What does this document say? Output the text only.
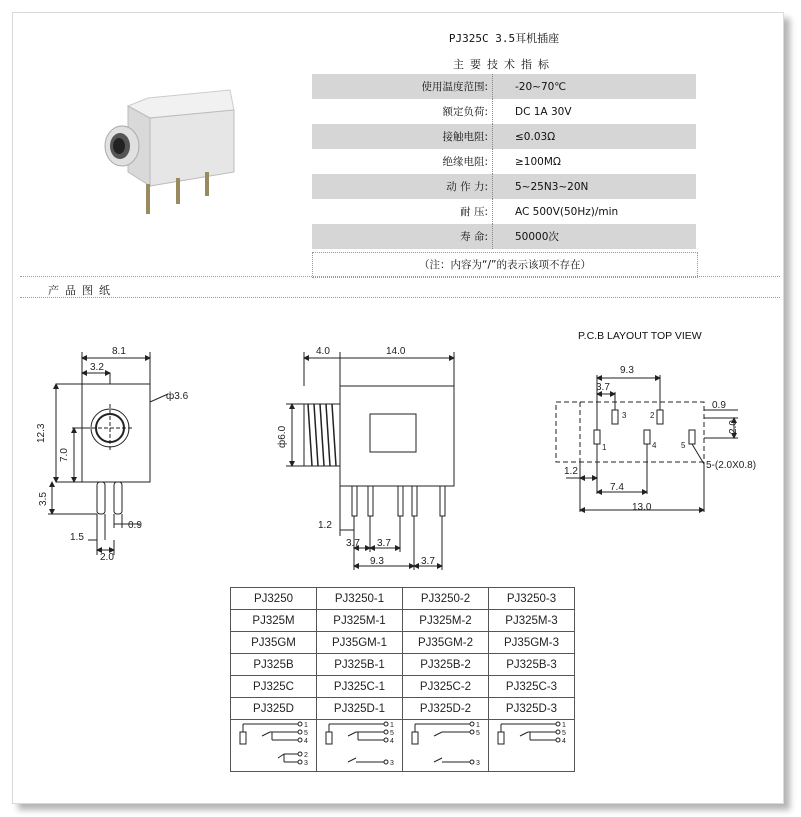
PJ325C 3.5耳机插座
主要技术指标
使用温度范围:	-20~70℃
额定负荷:	DC 1A 30V
接触电阻:	≤0.03Ω
绝缘电阻:	≥100MΩ
动 作 力:	5~25N3~20N
耐 压:	AC 500V(50Hz)/min
寿 命:	50000次
（注：内容为“/”的表示该项不存在）
产品图纸
P.C.B LAYOUT TOP VIEW
8.1
3.2
ф3.6
12.3
7.0
3.5
0.9
1.5
2.0
4.0	14.0
ф6.0
1.2
3.7 3.7
9.3	3.7
9.3
3.7
0.9
2.0
1.2
7.4
13.0
5-(2.0X0.8)
3	2
1	4	5
PJ3250	PJ3250-1	PJ3250-2	PJ3250-3
PJ325M	PJ325M-1	PJ325M-2	PJ325M-3
PJ35GM	PJ35GM-1	PJ35GM-2	PJ35GM-3
PJ325B	PJ325B-1	PJ325B-2	PJ325B-3
PJ325C	PJ325C-1	PJ325C-2	PJ325C-3
PJ325D	PJ325D-1	PJ325D-2	PJ325D-3

1
5
4
2
3	1
5
4
3	1
5
3	1
5
4
